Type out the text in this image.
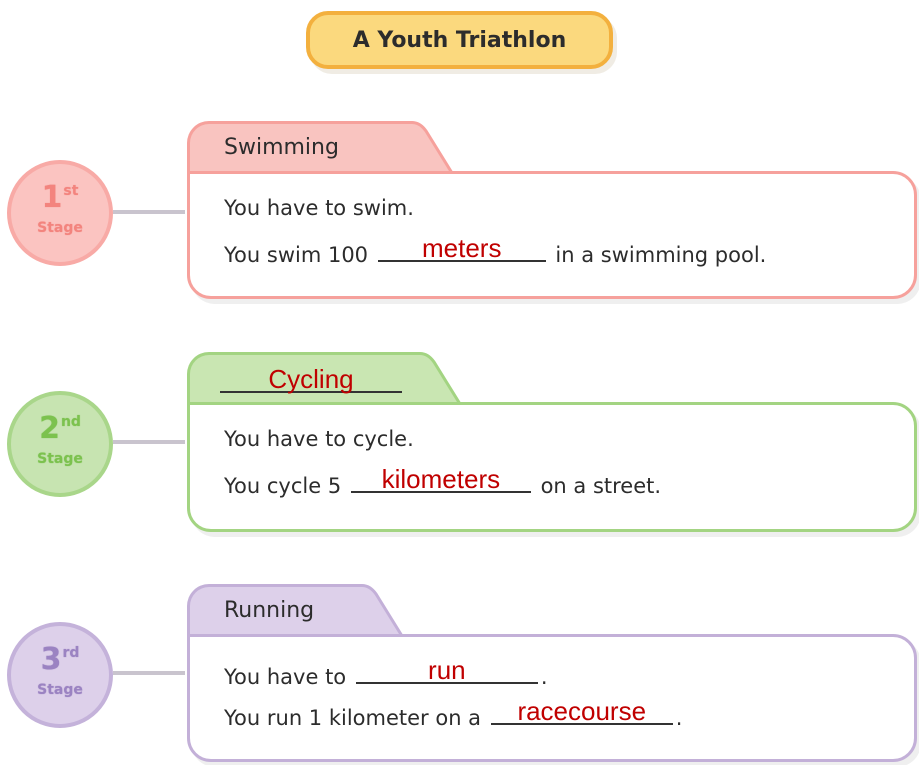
A Youth Triathlon
1st
Stage
Swimming
You have to swim.
You swim 100	meters	in a swimming pool.
2nd
Stage
Cycling
You have to cycle.
You cycle 5	kilometers	on a street.
3rd
Stage
Running
You have to	run	.
You run 1 kilometer on a	racecourse	.
